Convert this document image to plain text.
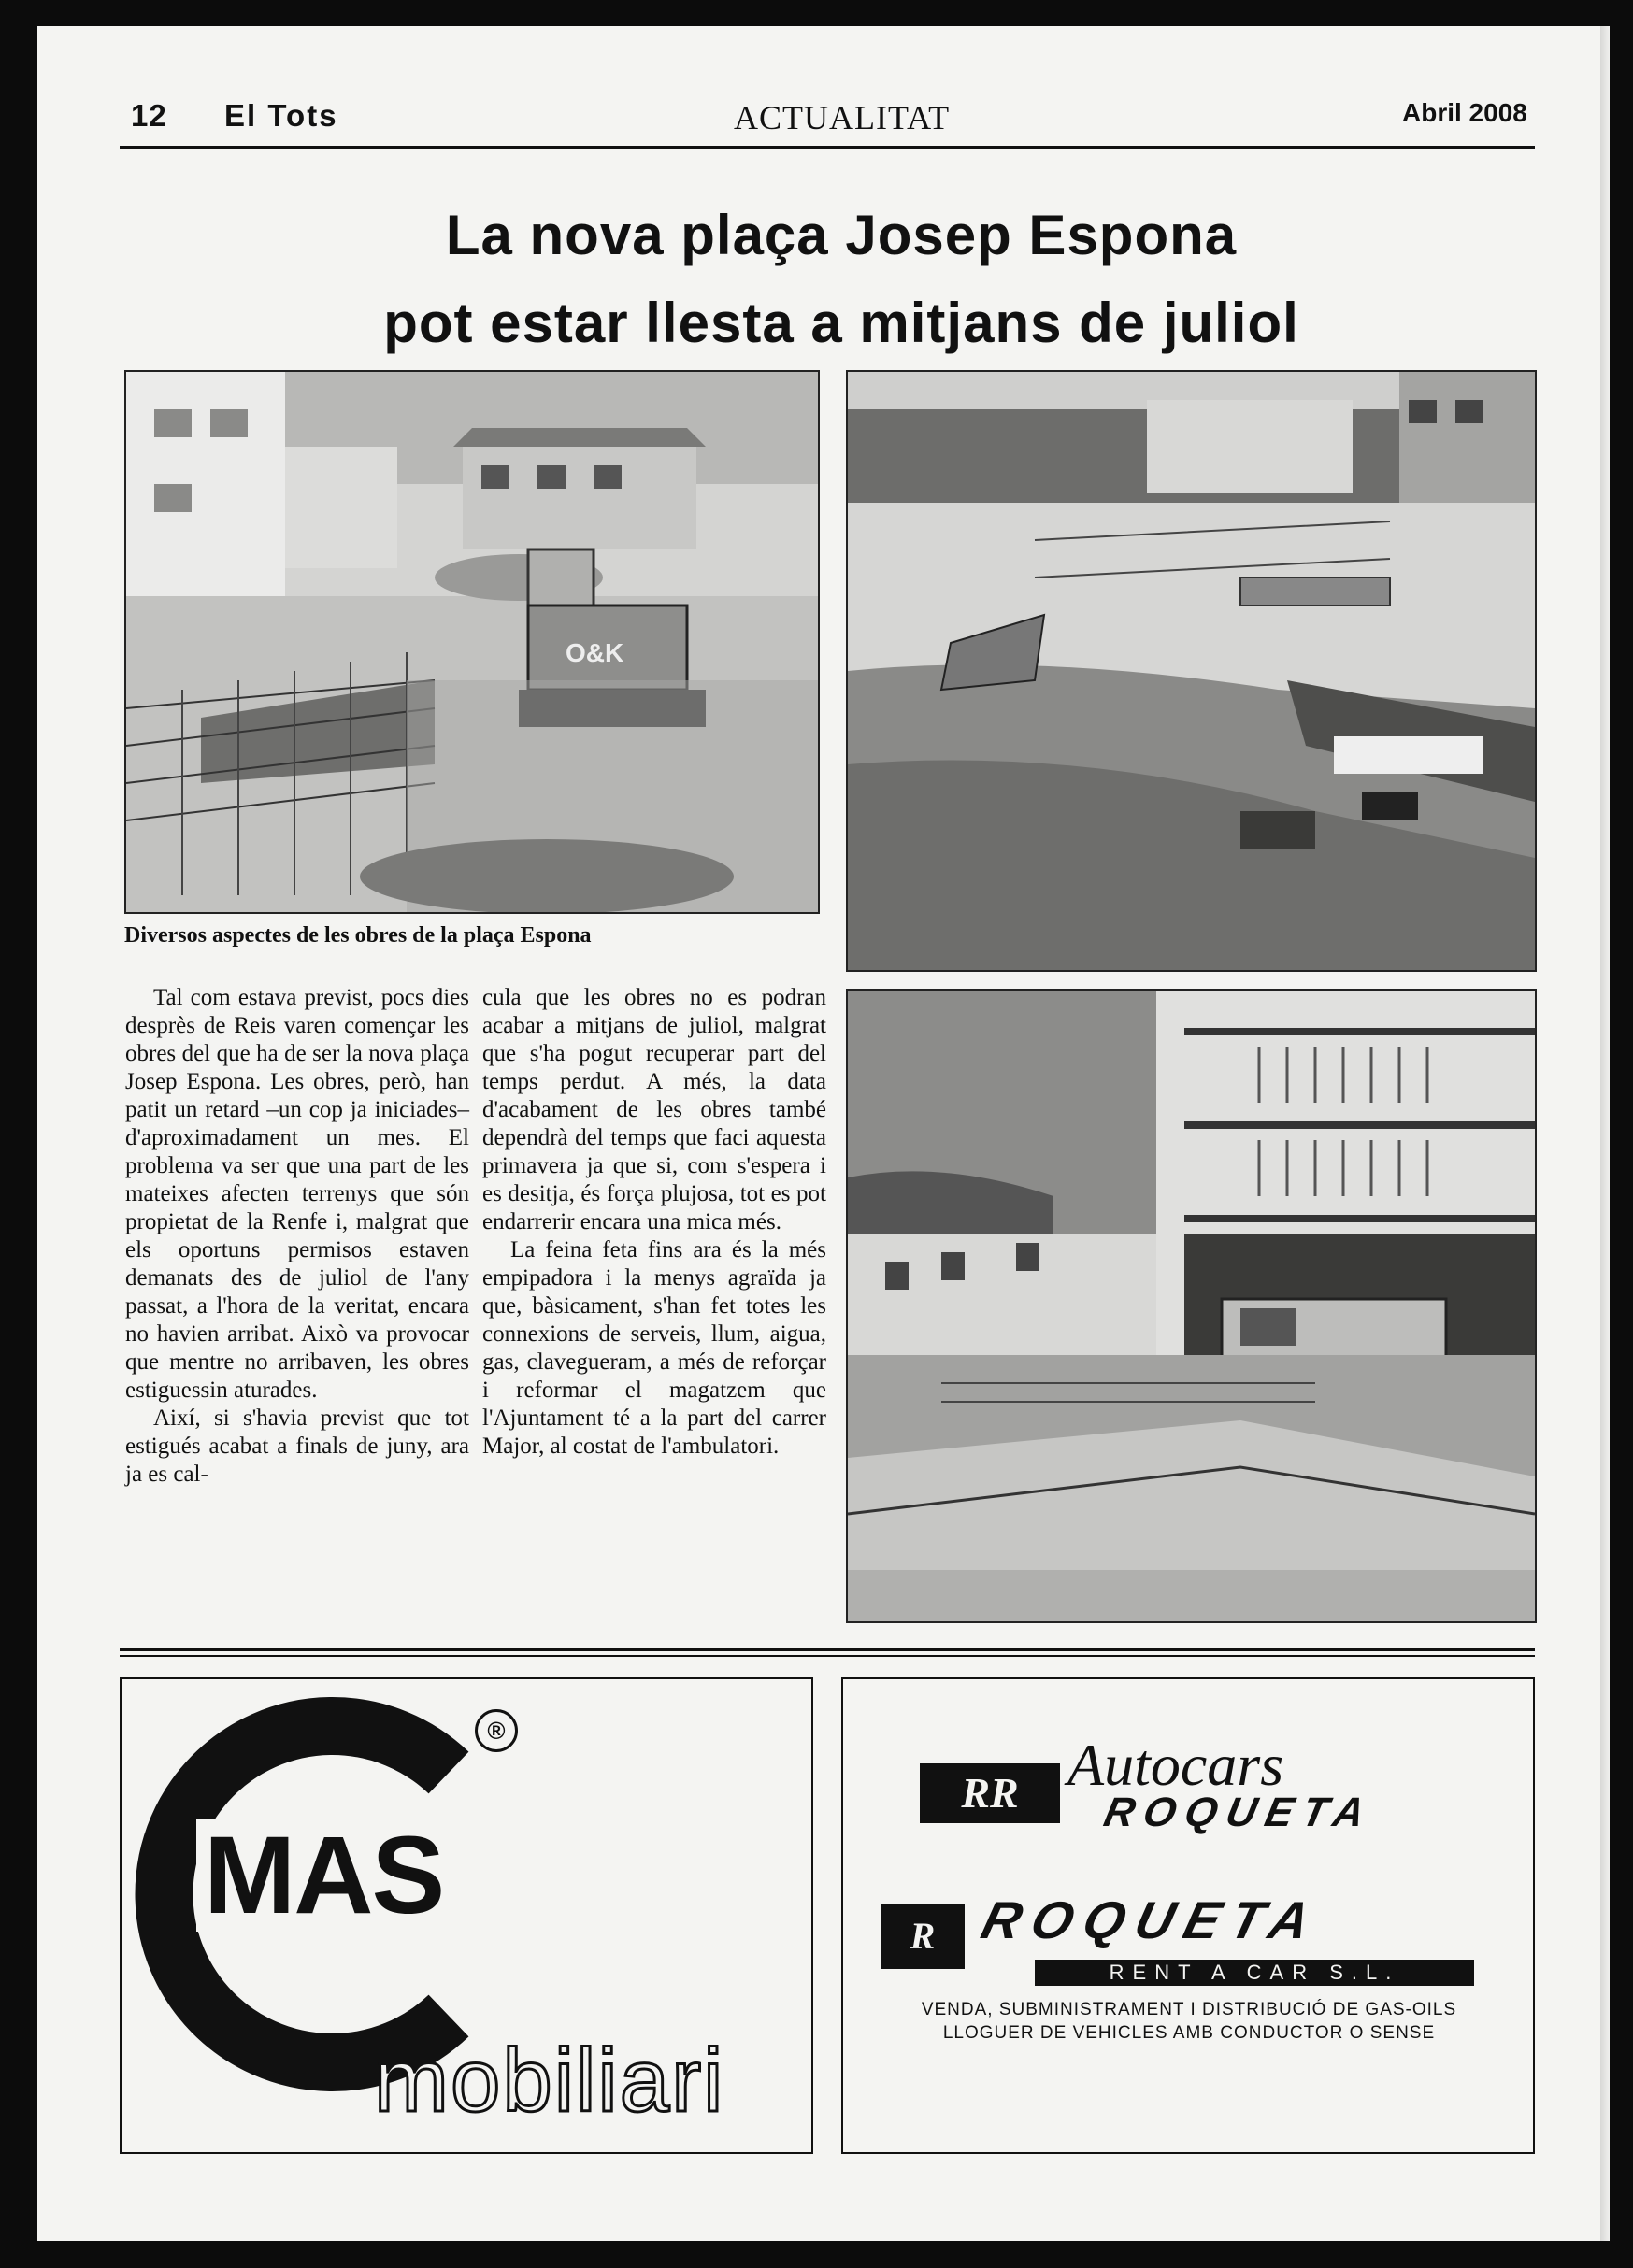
12 El Tots	ACTUALITAT	Abril 2008
La nova plaça Josep Espona
pot estar llesta a mitjans de juliol
O&K
Diversos aspectes de les obres de la plaça Espona

Tal com estava previst, pocs dies desprès de Reis varen començar les obres del que ha de ser la nova plaça Josep Espona. Les obres, però, han patit un retard –un cop ja iniciades– d'aproximadament un mes. El problema va ser que una part de les mateixes afecten terrenys que són propietat de la Renfe i, malgrat que els oportuns permisos estaven demanats des de juliol de l'any passat, a l'hora de la veritat, encara no havien arribat. Això va provocar que mentre no arribaven, les obres estiguessin aturades.

Així, si s'havia previst que tot estigués acabat a finals de juny, ara ja es cal-

cula que les obres no es podran acabar a mitjans de juliol, malgrat que s'ha pogut recuperar part del temps perdut. A més, la data d'acabament de les obres també dependrà del temps que faci aquesta primavera ja que si, com s'espera i es desitja, és força plujosa, tot es pot endarrerir encara una mica més.

La feina feta fins ara és la més empipadora i la menys agraïda ja que, bàsicament, s'han fet totes les connexions de serveis, llum, aigua, gas, clavegueram, a més de reforçar i reformar el magatzem que l'Ajuntament té a la part del carrer Major, al costat de l'ambulatori.

®
MAS
mobiliari
RR Autocars
ROQUETA
R ROQUETA
RENT A CAR S.L.
VENDA, SUBMINISTRAMENT I DISTRIBUCIÓ DE GAS-OILS
LLOGUER DE VEHICLES AMB CONDUCTOR O SENSE
